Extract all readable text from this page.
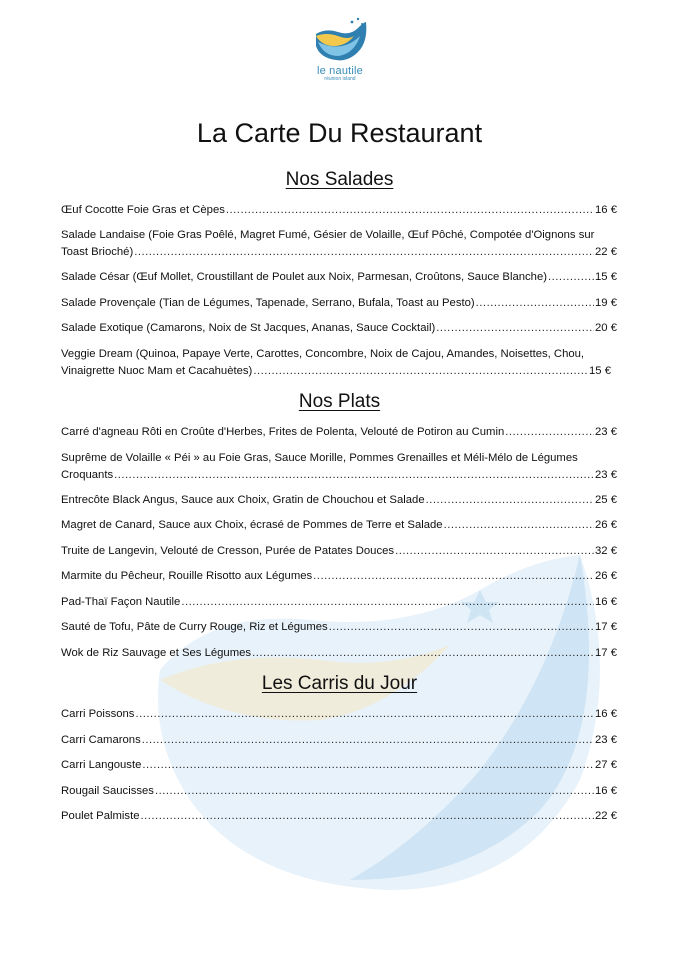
le nautile
réunion island
La Carte Du Restaurant
Nos Salades
Œuf Cocotte Foie Gras et Cèpes .....	16 €
Salade Landaise (Foie Gras Poêlé, Magret Fumé, Gésier de Volaille, Œuf Pôché, Compotée d'Oignons sur
Toast Brioché) .....	22 €
Salade César (Œuf Mollet, Croustillant de Poulet aux Noix, Parmesan, Croûtons, Sauce Blanche) .....	15 €
Salade Provençale (Tian de Légumes, Tapenade, Serrano, Bufala, Toast au Pesto) .....	19 €
Salade Exotique (Camarons, Noix de St Jacques, Ananas, Sauce Cocktail) .....	20 €
Veggie Dream (Quinoa, Papaye Verte, Carottes, Concombre, Noix de Cajou, Amandes, Noisettes, Chou,
Vinaigrette Nuoc Mam et Cacahuètes) .....	15 €
Nos Plats
Carré d'agneau Rôti en Croûte d'Herbes, Frites de Polenta, Velouté de Potiron au Cumin .....	23 €
Suprême de Volaille « Péi » au Foie Gras, Sauce Morille, Pommes Grenailles et Méli-Mélo de Légumes
Croquants .....	23 €
Entrecôte Black Angus, Sauce aux Choix, Gratin de Chouchou et Salade .....	25 €
Magret de Canard, Sauce aux Choix, écrasé de Pommes de Terre et Salade .....	26 €
Truite de Langevin, Velouté de Cresson, Purée de Patates Douces .....	32 €
Marmite du Pêcheur, Rouille Risotto aux Légumes .....	26 €
Pad-Thaï Façon Nautile .....	16 €
Sauté de Tofu, Pâte de Curry Rouge, Riz et Légumes .....	17 €
Wok de Riz Sauvage et Ses Légumes .....	17 €
Les Carris du Jour
Carri Poissons .....	16 €
Carri Camarons .....	23 €
Carri Langouste .....	27 €
Rougail Saucisses .....	16 €
Poulet Palmiste .....	22 €
